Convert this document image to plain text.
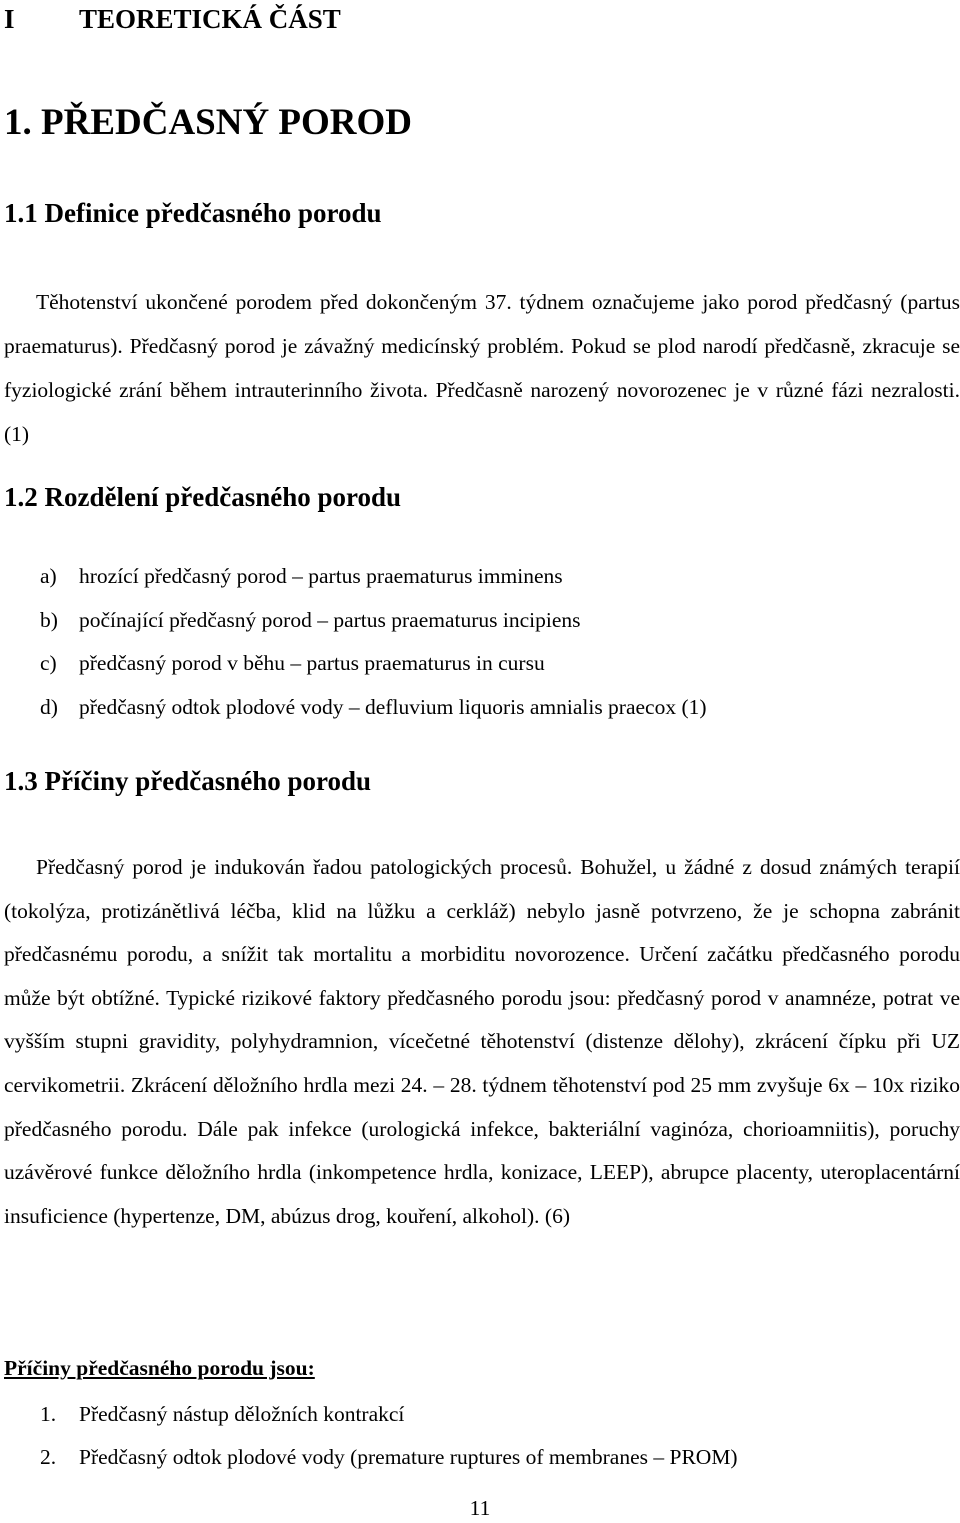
I TEORETICKÁ ČÁST
1. PŘEDČASNÝ POROD
1.1 Definice předčasného porodu

Těhotenství ukončené porodem před dokončeným 37. týdnem označujeme jako porod předčasný (partus praematurus). Předčasný porod je závažný medicínský problém. Pokud se plod narodí předčasně, zkracuje se fyziologické zrání během intrauterinního života. Předčasně narozený novorozenec je v různé fázi nezralosti. (1)

1.2 Rozdělení předčasného porodu
a) hrozící předčasný porod – partus praematurus imminens
b) počínající předčasný porod – partus praematurus incipiens
c) předčasný porod v běhu – partus praematurus in cursu
d) předčasný odtok plodové vody – defluvium liquoris amnialis praecox (1)
1.3 Příčiny předčasného porodu

Předčasný porod je indukován řadou patologických procesů. Bohužel, u žádné z dosud známých terapií (tokolýza, protizánětlivá léčba, klid na lůžku a cerkláž) nebylo jasně potvrzeno, že je schopna zabránit předčasnému porodu, a snížit tak mortalitu a morbiditu novorozence. Určení začátku předčasného porodu může být obtížné. Typické rizikové faktory předčasného porodu jsou: předčasný porod v anamnéze, potrat ve vyšším stupni gravidity, polyhydramnion, vícečetné těhotenství (distenze dělohy), zkrácení čípku při UZ cervikometrii. Zkrácení děložního hrdla mezi 24. – 28. týdnem těhotenství pod 25 mm zvyšuje 6x – 10x riziko předčasného porodu. Dále pak infekce (urologická infekce, bakteriální vaginóza, chorioamniitis), poruchy uzávěrové funkce děložního hrdla (inkompetence hrdla, konizace, LEEP), abrupce placenty, uteroplacentární insuficience (hypertenze, DM, abúzus drog, kouření, alkohol). (6)

Příčiny předčasného porodu jsou:
1. Předčasný nástup děložních kontrakcí
2. Předčasný odtok plodové vody (premature ruptures of membranes – PROM)
11
